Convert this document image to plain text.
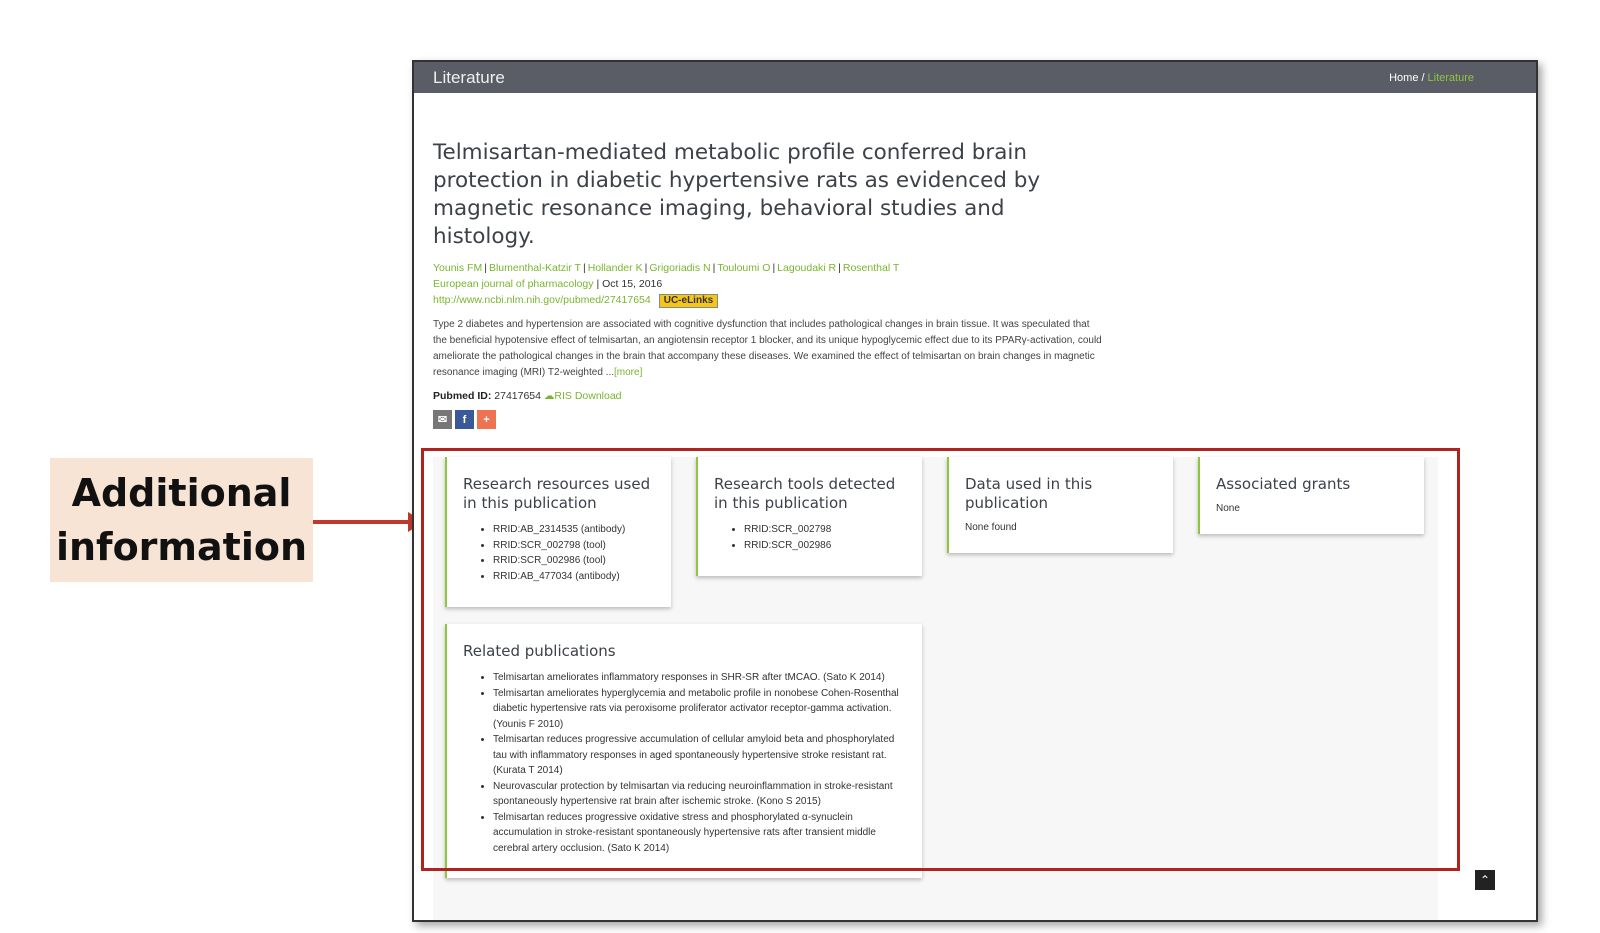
Additional
information
Literature	Home / Literature
Telmisartan-mediated metabolic profile conferred brain protection in diabetic hypertensive rats as evidenced by magnetic resonance imaging, behavioral studies and histology.
Younis FM | Blumenthal-Katzir T | Hollander K | Grigoriadis N | Touloumi O | Lagoudaki R | Rosenthal T
European journal of pharmacology | Oct 15, 2016
http://www.ncbi.nlm.nih.gov/pubmed/27417654 UC-eLinks
Type 2 diabetes and hypertension are associated with cognitive dysfunction that includes pathological changes in brain tissue. It was speculated that the beneficial hypotensive effect of telmisartan, an angiotensin receptor 1 blocker, and its unique hypoglycemic effect due to its PPARγ-activation, could ameliorate the pathological changes in the brain that accompany these diseases. We examined the effect of telmisartan on brain changes in magnetic resonance imaging (MRI) T2-weighted ...[more]
Pubmed ID: 27417654 ☁RIS Download
✉	f	+
Research resources used in this publication
• RRID:AB_2314535 (antibody)
• RRID:SCR_002798 (tool)
• RRID:SCR_002986 (tool)
• RRID:AB_477034 (antibody)
Research tools detected in this publication
• RRID:SCR_002798
• RRID:SCR_002986
Data used in this publication

None found

Associated grants

None

Related publications
• Telmisartan ameliorates inflammatory responses in SHR-SR after tMCAO. (Sato K 2014)
• Telmisartan ameliorates hyperglycemia and metabolic profile in nonobese Cohen-Rosenthal diabetic hypertensive rats via peroxisome proliferator activator receptor-gamma activation. (Younis F 2010)
• Telmisartan reduces progressive accumulation of cellular amyloid beta and phosphorylated tau with inflammatory responses in aged spontaneously hypertensive stroke resistant rat. (Kurata T 2014)
• Neurovascular protection by telmisartan via reducing neuroinflammation in stroke-resistant spontaneously hypertensive rat brain after ischemic stroke. (Kono S 2015)
• Telmisartan reduces progressive oxidative stress and phosphorylated α-synuclein accumulation in stroke-resistant spontaneously hypertensive rats after transient middle cerebral artery occlusion. (Sato K 2014)
⌃
